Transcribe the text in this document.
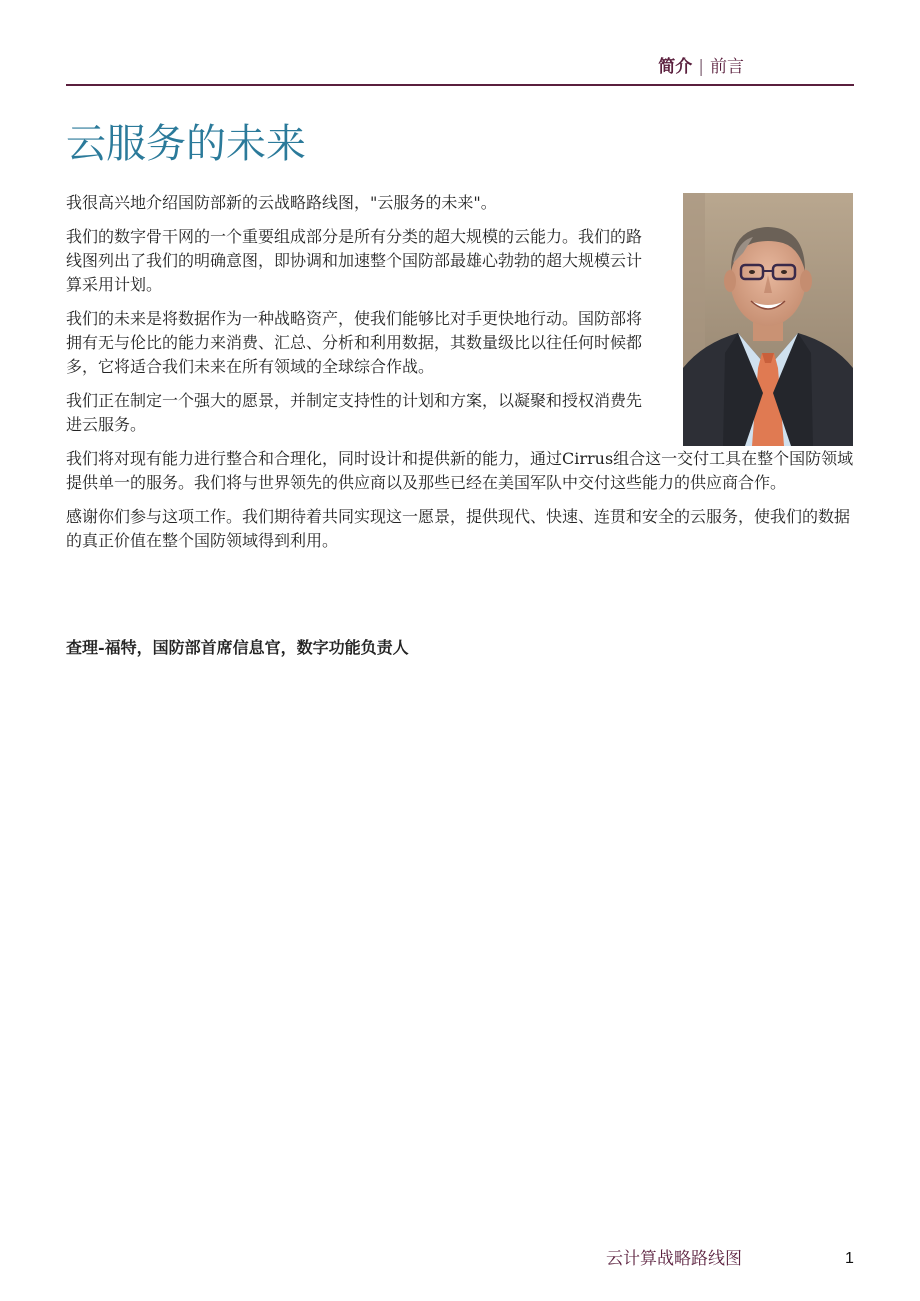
简介 | 前言
云服务的未来

我很高兴地介绍国防部新的云战略路线图，"云服务的未来"。

我们的数字骨干网的一个重要组成部分是所有分类的超大规模的云能力。我们的路线图列出了我们的明确意图，即协调和加速整个国防部最雄心勃勃的超大规模云计算采用计划。

我们的未来是将数据作为一种战略资产，使我们能够比对手更快地行动。国防部将拥有无与伦比的能力来消费、汇总、分析和利用数据，其数量级比以往任何时候都多，它将适合我们未来在所有领域的全球综合作战。

我们正在制定一个强大的愿景，并制定支持性的计划和方案，以凝聚和授权消费先进云服务。

我们将对现有能力进行整合和合理化，同时设计和提供新的能力，通过Cirrus组合这一交付工具在整个国防领域提供单一的服务。我们将与世界领先的供应商以及那些已经在美国军队中交付这些能力的供应商合作。

感谢你们参与这项工作。我们期待着共同实现这一愿景，提供现代、快速、连贯和安全的云服务，使我们的数据的真正价值在整个国防领域得到利用。

查理-福特，国防部首席信息官，数字功能负责人
云计算战略路线图	1
